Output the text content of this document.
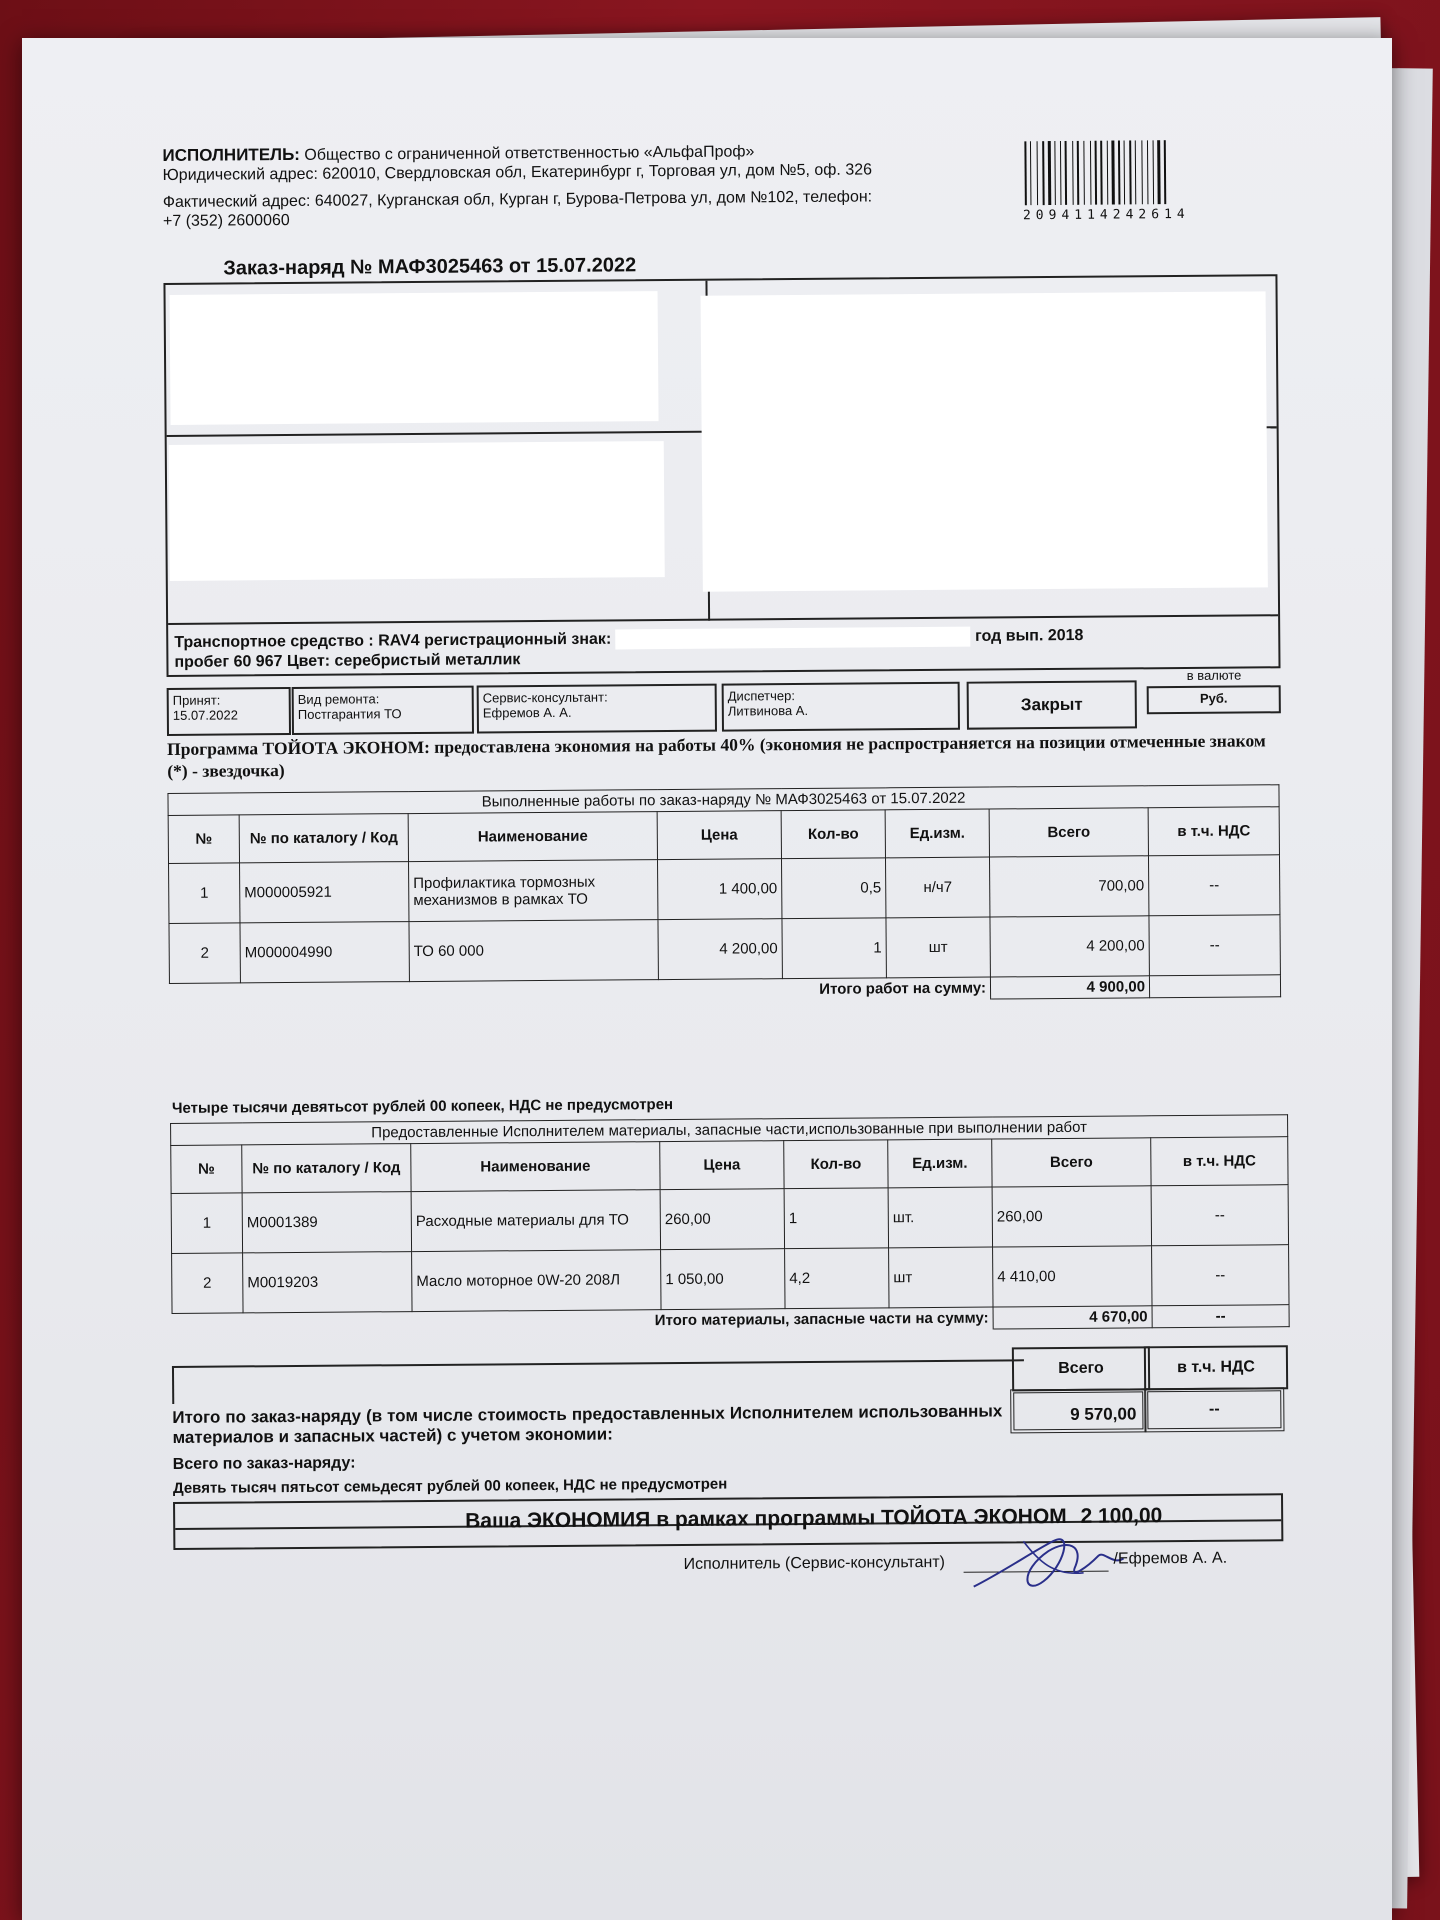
ИСПОЛНИТЕЛЬ: Общество с ограниченной ответственностью «АльфаПроф»
Юридический адрес: 620010, Свердловская обл, Екатеринбург г, Торговая ул, дом №5, оф. 326
Фактический адрес: 640027, Курганская обл, Курган г, Бурова-Петрова ул, дом №102, телефон:
+7 (352) 2600060	2094114242614
Заказ-наряд № МАФ3025463 от 15.07.2022
Транспортное средство : RAV4 регистрационный знак:	год вып. 2018
пробег 60 967 Цвет: серебристый металлик
Принят:
15.07.2022
Вид ремонта:
Постгарантия ТО
Сервис-консультант:
Ефремов А. А.
Диспетчер:
Литвинова А.	Закрыт
в валюте
Руб.
Программа ТОЙОТА ЭКОНОМ: предоставлена экономия на работы 40% (экономия не распространяется на позиции отмеченные знаком (*) - звездочка)
Выполненные работы по заказ-наряду № МАФ3025463 от 15.07.2022							
№	№ по каталогу / Код	Наименование	Цена	Кол-во	Ед.изм.	Всего	в т.ч. НДС
1	M000005921	Профилактика тормозных механизмов в рамках ТО	1 400,00	0,5	н/ч7	700,00	--
2	M000004990	ТО 60 000	4 200,00	1	шт	4 200,00	--
Итого работ на сумму:						4 900,00	
Четыре тысячи девятьсот рублей 00 копеек, НДС не предусмотрен
Предоставленные Исполнителем материалы, запасные части,использованные при выполнении работ							
№	№ по каталогу / Код	Наименование	Цена	Кол-во	Ед.изм.	Всего	в т.ч. НДС
1	M0001389	Расходные материалы для ТО	260,00	1	шт.	260,00	--
2	M0019203	Масло моторное 0W-20 208Л	1 050,00	4,2	шт	4 410,00	--
Итого материалы, запасные части на сумму:						4 670,00	--
Всего	в т.ч. НДС
Итого по заказ-наряду (в том числе стоимость предоставленных Исполнителем использованных материалов и запасных частей) с учетом экономии:
9 570,00	--
Всего по заказ-наряду:
Девять тысяч пятьсот семьдесят рублей 00 копеек, НДС не предусмотрен
Ваша ЭКОНОМИЯ в рамках программы ТОЙОТА ЭКОНОМ 2 100,00
Исполнитель (Сервис-консультант)	/Ефремов А. А.
